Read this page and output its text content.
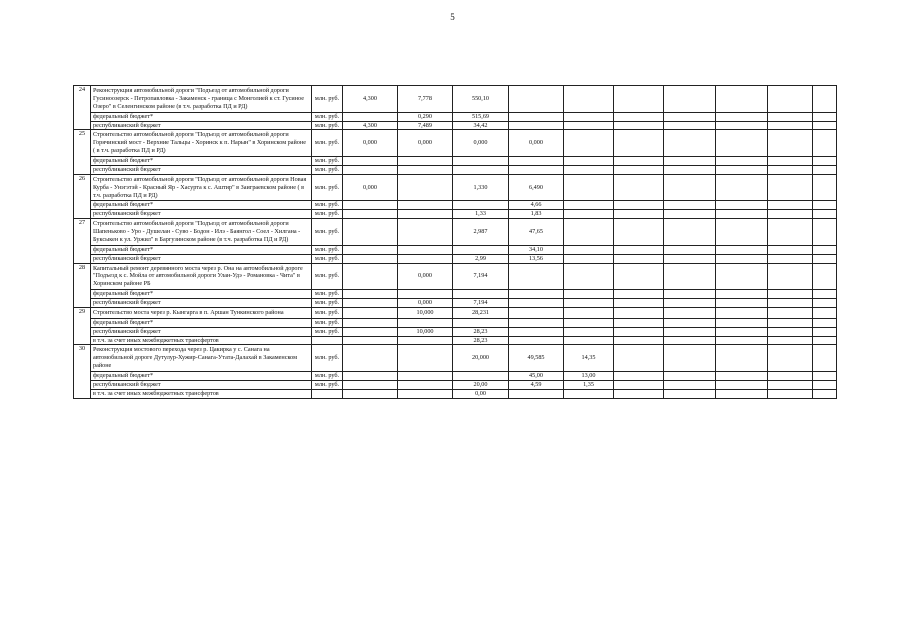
5
24	Реконструкция автомобильной дороги "Подъезд от автомобильной дороги Гусиноозерск - Петропавловка - Закаменск - граница с Монголией к ст. Гусиное Озеро" в Селенгинском районе (в т.ч. разработка ПД и РД)	млн. руб.	4,300	7,778	550,10							
	федеральный бюджет*	млн. руб.		0,290	515,69							
	республиканский бюджет	млн. руб.	4,300	7,489	34,42							
25	Строительство автомобильной дороги "Подъезд от автомобильной дороги Горячинский мост - Верхние Тальцы - Хоринск к п. Нарын" в Хоринском районе ( в т.ч. разработка ПД и РД)	млн. руб.	0,000	0,000	0,000	0,000						
	федеральный бюджет*	млн. руб.										
	республиканский бюджет	млн. руб.										
26	Строительство автомобильной дороги "Подъезд от автомобильной дороги Новая Курба - Унэгэтэй - Красный Яр - Хасурта к с. Аштир" в Заиграевском районе ( в т.ч. разработка ПД и РД)	млн. руб.	0,000		1,330	6,490						
	федеральный бюджет*	млн. руб.				4,66						
	республиканский бюджет	млн. руб.			1,33	1,83						
27	Строительство автомобильной дороги "Подъезд от автомобильной дороги Шапеньково - Уро - Душелан - Суво - Бодон - Илэ - Баянгол - Соел - Хилгана - Буксыкен к ул. Уржил" в Баргузинском районе (в т.ч. разработка ПД и РД)	млн. руб.			2,987	47,65						
	федеральный бюджет*	млн. руб.				34,10						
	республиканский бюджет	млн. руб.			2,99	13,56						
28	Капитальный ремонт деревянного моста через р. Она на автомобильной дороге "Подъезд к с. Мойла от автомобильной дороги Улан-Удэ - Романовка - Чита" в Хоринском районе РБ	млн. руб.		0,000	7,194							
	федеральный бюджет*	млн. руб.										
	республиканский бюджет	млн. руб.		0,000	7,194							
29	Строительство моста через р. Кынгарга в п. Аршан Тункинского района	млн. руб.		10,000	28,231							
	федеральный бюджет*	млн. руб.										
	республиканский бюджет	млн. руб.		10,000	28,23							
	в т.ч. за счет иных межбюджетных трансфертов				28,23							
30	Реконструкция мостового перехода через р. Цакирка у с. Санага на автомобильной дороге Дутулур-Хужир-Санага-Утата-Далахай в Закаменском районе	млн. руб.			20,000	49,585	14,35					
	федеральный бюджет*	млн. руб.				45,00	13,00					
	республиканский бюджет	млн. руб.			20,00	4,59	1,35					
	в т.ч. за счет иных межбюджетных трансфертов				0,00							
